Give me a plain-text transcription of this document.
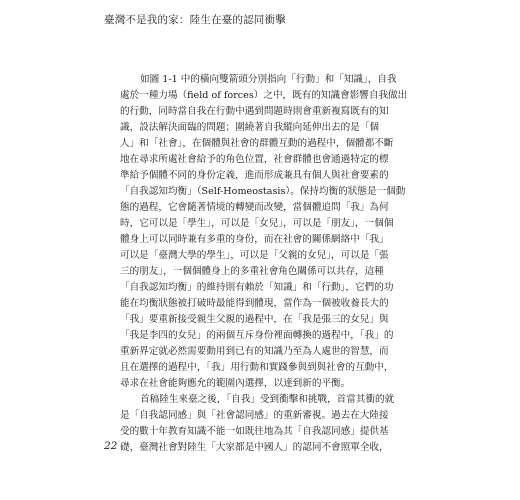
臺灣不是我的家：陸生在臺的認同衝擊
如圖 1-1 中的橫向雙箭頭分別指向「行動」和「知識」，自我
處於一種力場（field of forces）之中，既有的知識會影響自我做出
的行動，同時當自我在行動中遇到問題時則會重新複寫既有的知
識，設法解決面臨的問題；圍繞著自我縱向延伸出去的是「個
人」和「社會」，在個體與社會的群體互動的過程中，個體都不斷
地在尋求所處社會給予的角色位置，社會群體也會通過特定的標
準給予個體不同的身份定義，進而形成兼具有個人與社會要素的
「自我認知均衡」（Self-Homeostasis）。保持均衡的狀態是一個動
態的過程，它會隨著情境的轉變而改變，當個體追問「我」為何
時，它可以是「學生」，可以是「女兒」，可以是「朋友」，一個個
體身上可以同時兼有多重的身份，而在社會的關係網絡中「我」
可以是「臺灣大學的學生」，可以是「父親的女兒」，可以是「張
三的朋友」，一個個體身上的多重社會角色關係可以共存，這種
「自我認知均衡」的維持則有賴於「知識」和「行動」，它們的功
能在均衡狀態被打破時最能得到體現，當作為一個被收養長大的
「我」要重新接受親生父親的過程中，在「我是張三的女兒」與
「我是李四的女兒」的兩個互斥身份裡面轉換的過程中，「我」的
重新界定就必然需要動用到已有的知識乃至為人處世的智慧，而
且在選擇的過程中，「我」用行動和實踐參與到與社會的互動中，
尋求在社會能夠應允的範圍內選擇，以達到新的平衡。
首稿陸生來臺之後，「自我」受到衝擊和挑戰，首當其衝的就
是「自我認同感」與「社會認同感」的重新審視。過去在大陸接
受的數十年教育知識不能一如既往地為其「自我認同感」提供基
礎，臺灣社會對陸生「大家都是中國人」的認同不會照單全收，
22
